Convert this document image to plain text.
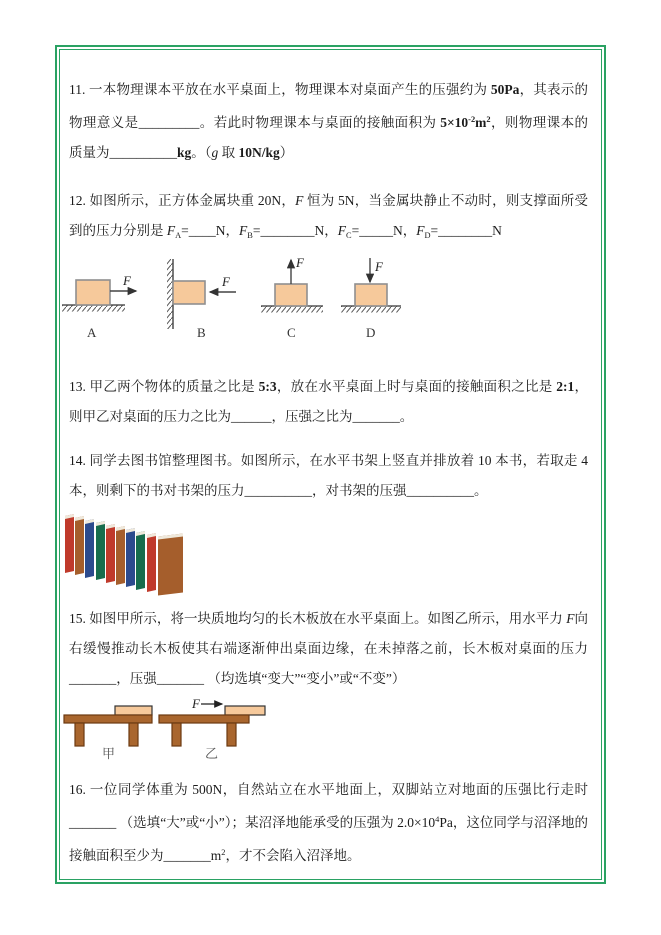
11. 一本物理课本平放在水平桌面上，物理课本对桌面产生的压强约为 50Pa，其表示的物理意义是_________。若此时物理课本与桌面的接触面积为 $5\times 10^{-2}m^2$，则物理课本的质量为__________kg。（g 取 10N/kg）

12. 如图所示，正方体金属块重 20N，F 恒为 5N，当金属块静止不动时，则支撑面所受到的压力分别是 $F_A=\_\_\_\_N$，$F_B=\_\_\_\_\_\_\_\_N$，$F_C=\_\_\_\_\_N$，$F_D=\_\_\_\_\_\_\_\_N$

F
A
F
B
F
C
F
D

13. 甲乙两个物体的质量之比是 5:3，放在水平桌面上时与桌面的接触面积之比是 2:1，则甲乙对桌面的压力之比为______，压强之比为_______。

14. 同学去图书馆整理图书。如图所示，在水平书架上竖直并排放着 10 本书，若取走 4 本，则剩下的书对书架的压力__________，对书架的压强__________。

15. 如图甲所示，将一块质地均匀的长木板放在水平桌面上。如图乙所示，用水平力 F向右缓慢推动长木板使其右端逐渐伸出桌面边缘，在未掉落之前，长木板对桌面的压力 _______，压强_______ （均选填“变大”“变小”或“不变”）

甲
F
乙

16. 一位同学体重为 500N，自然站立在水平地面上，双脚站立对地面的压强比行走时_______ （选填“大”或“小”）；某沼泽地能承受的压强为 $2.0\times 10^4Pa$，这位同学与沼泽地的接触面积至少为$\_\_\_\_\_\_\_m^2$，才不会陷入沼泽地。
